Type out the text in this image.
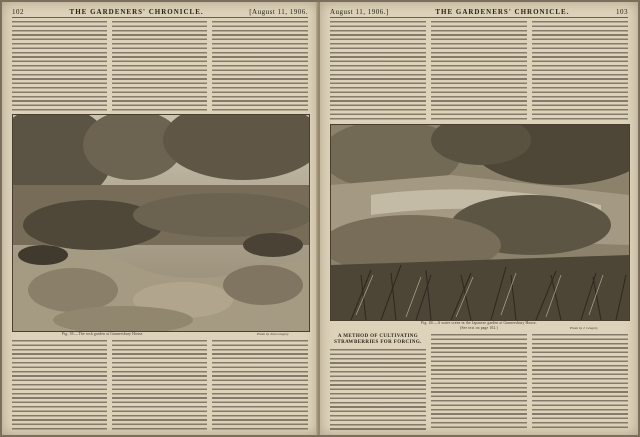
102	THE GARDENERS' CHRONICLE.	[August 11, 1906.
Fig. 39.—The rock garden at Gunnersbury House.	Photo by John Gregory
August 11, 1906.]	THE GARDENERS' CHRONICLE.	103
Fig. 40.—A water scene in the Japanese garden at Gunnersbury House.
Photo by J. Gregory.
(See text on page 102.)
A METHOD OF CULTIVATING STRAWBERRIES FOR FORCING.
